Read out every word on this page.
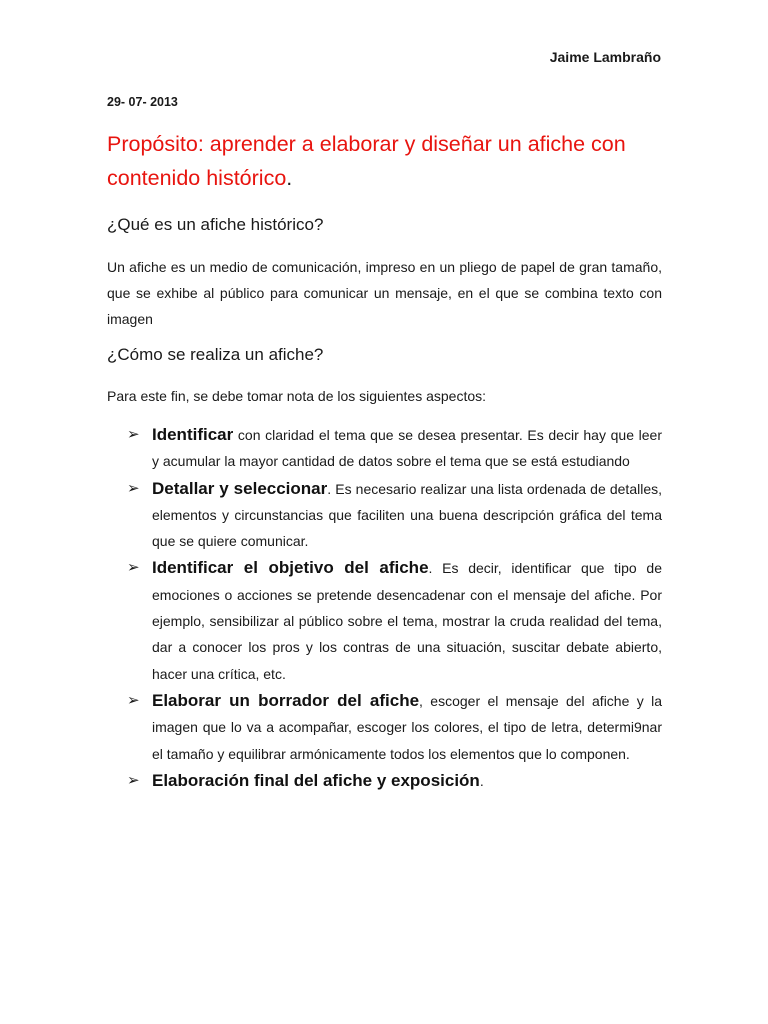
Jaime Lambraño
29- 07- 2013
Propósito: aprender a elaborar y diseñar un afiche con contenido histórico.
¿Qué es un afiche histórico?
Un afiche es un medio de comunicación, impreso en un pliego de papel de gran tamaño, que se exhibe al público para comunicar un mensaje, en el que se combina texto con imagen
¿Cómo se realiza un afiche?
Para este fin, se debe tomar nota de los siguientes aspectos:
➢ Identificar con claridad el tema que se desea presentar. Es decir hay que leer y acumular la mayor cantidad de datos sobre el tema que se está estudiando
➢ Detallar y seleccionar. Es necesario realizar una lista ordenada de detalles, elementos y circunstancias que faciliten una buena descripción gráfica del tema que se quiere comunicar.
➢ Identificar el objetivo del afiche. Es decir, identificar que tipo de emociones o acciones se pretende desencadenar con el mensaje del afiche. Por ejemplo, sensibilizar al público sobre el tema, mostrar la cruda realidad del tema, dar a conocer los pros y los contras de una situación, suscitar debate abierto, hacer una crítica, etc.
➢ Elaborar un borrador del afiche, escoger el mensaje del afiche y la imagen que lo va a acompañar, escoger los colores, el tipo de letra, determi9nar el tamaño y equilibrar armónicamente todos los elementos que lo componen.
➢ Elaboración final del afiche y exposición.
